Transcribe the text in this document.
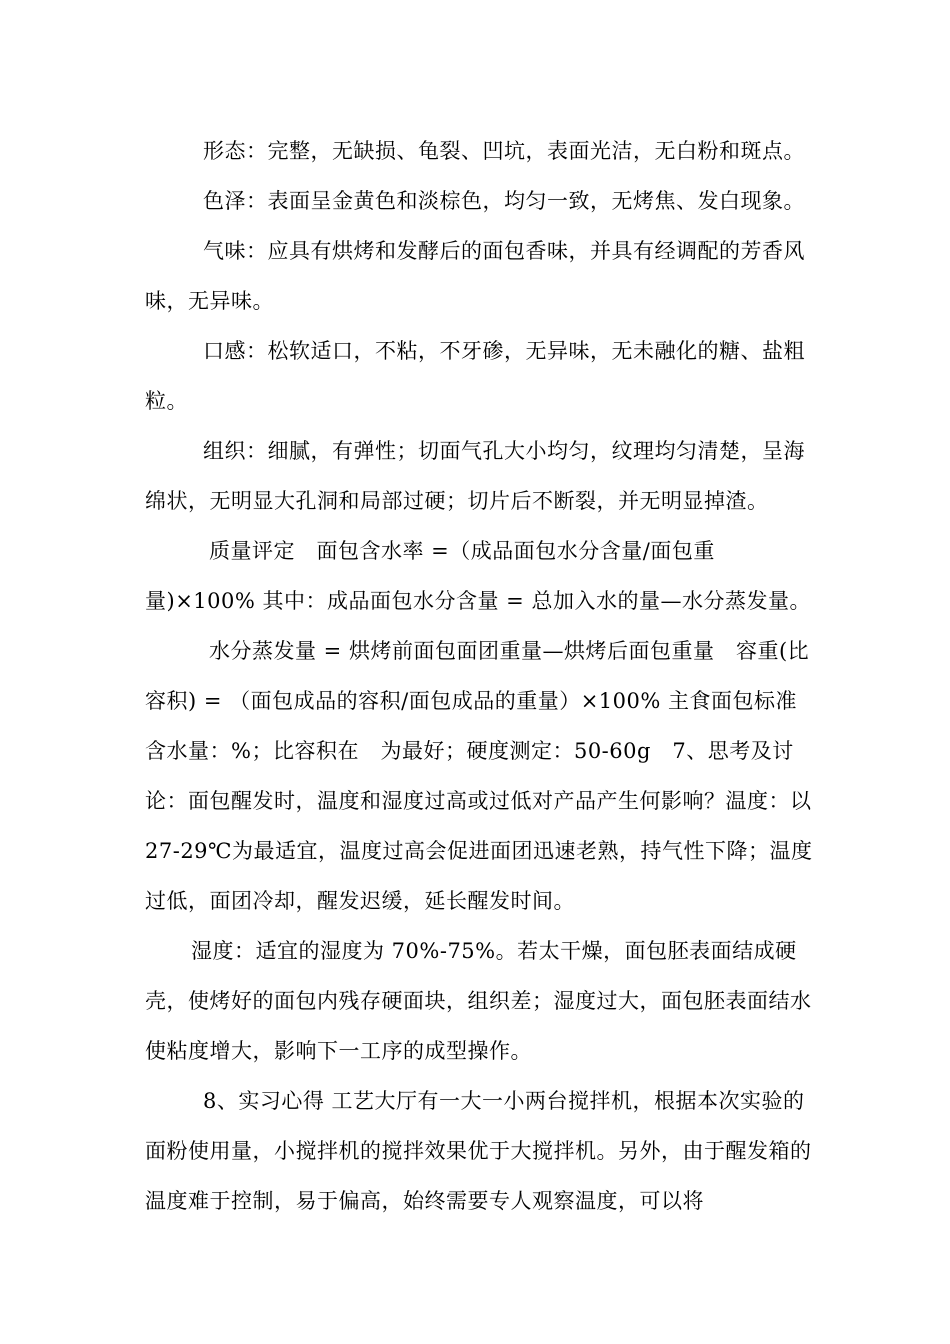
形态：完整，无缺损、龟裂、凹坑，表面光洁，无白粉和斑点。

色泽：表面呈金黄色和淡棕色，均匀一致，无烤焦、发白现象。

气味：应具有烘烤和发酵后的面包香味，并具有经调配的芳香风味，无异味。

口感：松软适口，不粘，不牙碜，无异味，无未融化的糖、盐粗粒。

组织：细腻，有弹性；切面气孔大小均匀，纹理均匀清楚，呈海绵状，无明显大孔洞和局部过硬；切片后不断裂，并无明显掉渣。

质量评定　面包含水率 =（成品面包水分含量/面包重量)×100% 其中：成品面包水分含量 = 总加入水的量—水分蒸发量。

水分蒸发量 = 烘烤前面包面团重量—烘烤后面包重量　容重(比容积) = （面包成品的容积/面包成品的重量）×100% 主食面包标准含水量：%；比容积在　为最好；硬度测定：50-60g　7、思考及讨论：面包醒发时，温度和湿度过高或过低对产品产生何影响？温度：以 27-29℃为最适宜，温度过高会促进面团迅速老熟，持气性下降；温度过低，面团冷却，醒发迟缓，延长醒发时间。

湿度：适宜的湿度为 70%-75%。若太干燥，面包胚表面结成硬壳，使烤好的面包内残存硬面块，组织差；湿度过大，面包胚表面结水使粘度增大，影响下一工序的成型操作。

8、实习心得 工艺大厅有一大一小两台搅拌机，根据本次实验的面粉使用量，小搅拌机的搅拌效果优于大搅拌机。另外，由于醒发箱的温度难于控制，易于偏高，始终需要专人观察温度，可以将
